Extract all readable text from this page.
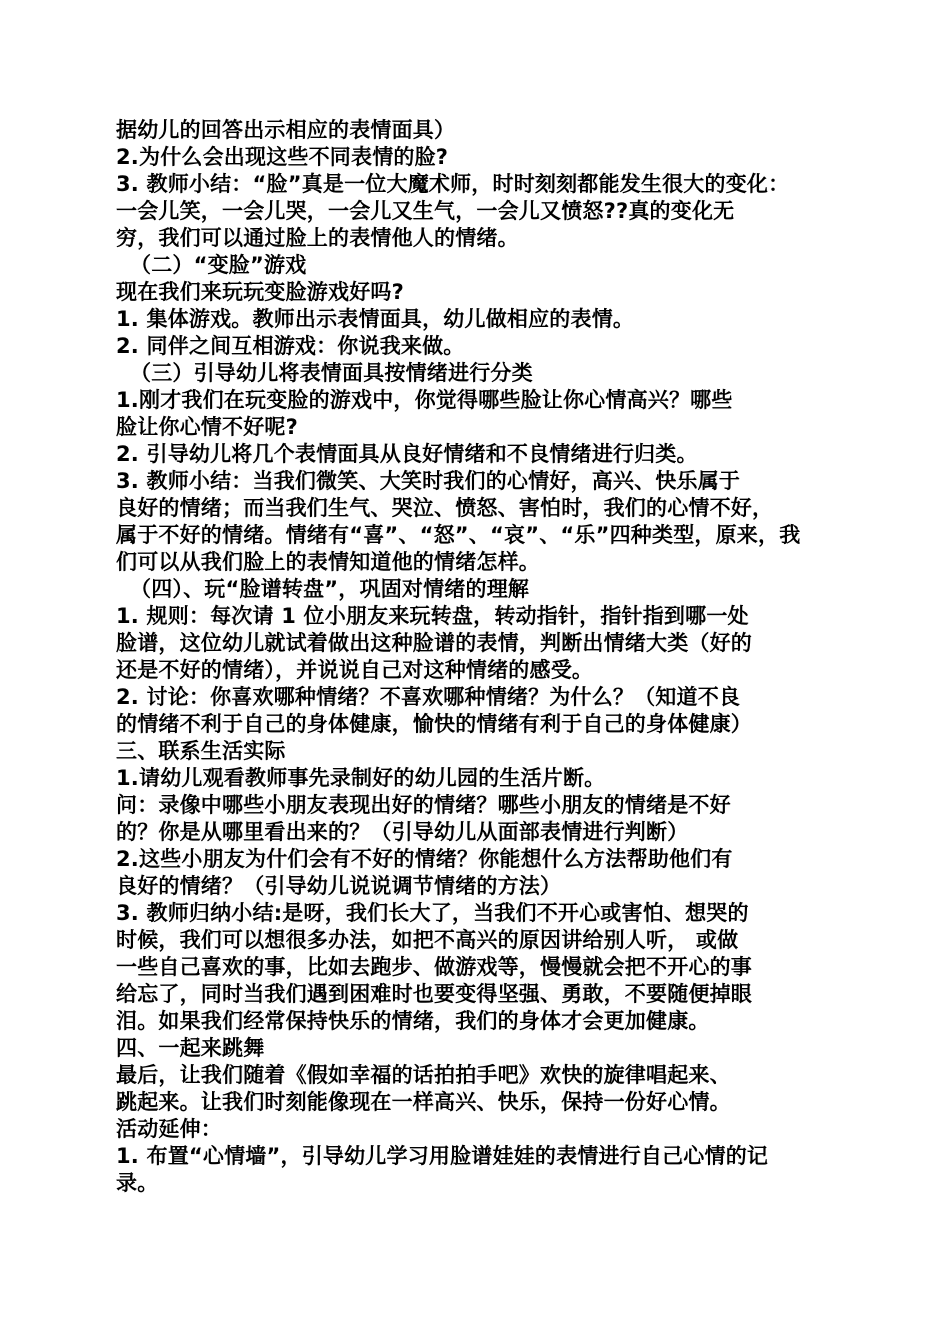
据幼儿的回答出示相应的表情面具）

2.为什么会出现这些不同表情的脸?

3. 教师小结：“脸”真是一位大魔术师，时时刻刻都能发生很大的变化：

一会儿笑，一会儿哭，一会儿又生气，一会儿又愤怒??真的变化无

穷，我们可以通过脸上的表情他人的情绪。

（二）“变脸”游戏

现在我们来玩玩变脸游戏好吗?

1. 集体游戏。教师出示表情面具，幼儿做相应的表情。

2. 同伴之间互相游戏：你说我来做。

（三）引导幼儿将表情面具按情绪进行分类

1.刚才我们在玩变脸的游戏中，你觉得哪些脸让你心情高兴？哪些

脸让你心情不好呢?

2. 引导幼儿将几个表情面具从良好情绪和不良情绪进行归类。

3. 教师小结：当我们微笑、大笑时我们的心情好，高兴、快乐属于

良好的情绪；而当我们生气、哭泣、愤怒、害怕时，我们的心情不好，

属于不好的情绪。情绪有“喜”、“怒”、“哀”、“乐”四种类型，原来，我

们可以从我们脸上的表情知道他的情绪怎样。

（四）、玩“脸谱转盘”，巩固对情绪的理解

1. 规则：每次请 1 位小朋友来玩转盘，转动指针，指针指到哪一处

脸谱，这位幼儿就试着做出这种脸谱的表情，判断出情绪大类（好的

还是不好的情绪），并说说自己对这种情绪的感受。

2. 讨论：你喜欢哪种情绪？不喜欢哪种情绪？为什么？（知道不良

的情绪不利于自己的身体健康，愉快的情绪有利于自己的身体健康）

三、联系生活实际

1.请幼儿观看教师事先录制好的幼儿园的生活片断。

问：录像中哪些小朋友表现出好的情绪？哪些小朋友的情绪是不好

的？你是从哪里看出来的？（引导幼儿从面部表情进行判断）

2.这些小朋友为什们会有不好的情绪？你能想什么方法帮助他们有

良好的情绪？（引导幼儿说说调节情绪的方法）

3. 教师归纳小结:是呀，我们长大了，当我们不开心或害怕、想哭的

时候，我们可以想很多办法，如把不高兴的原因讲给别人听， 或做

一些自己喜欢的事，比如去跑步、做游戏等，慢慢就会把不开心的事

给忘了，同时当我们遇到困难时也要变得坚强、勇敢，不要随便掉眼

泪。如果我们经常保持快乐的情绪，我们的身体才会更加健康。

四、一起来跳舞

最后，让我们随着《假如幸福的话拍拍手吧》欢快的旋律唱起来、

跳起来。让我们时刻能像现在一样高兴、快乐，保持一份好心情。

活动延伸：

1. 布置“心情墙”，引导幼儿学习用脸谱娃娃的表情进行自己心情的记

录。
